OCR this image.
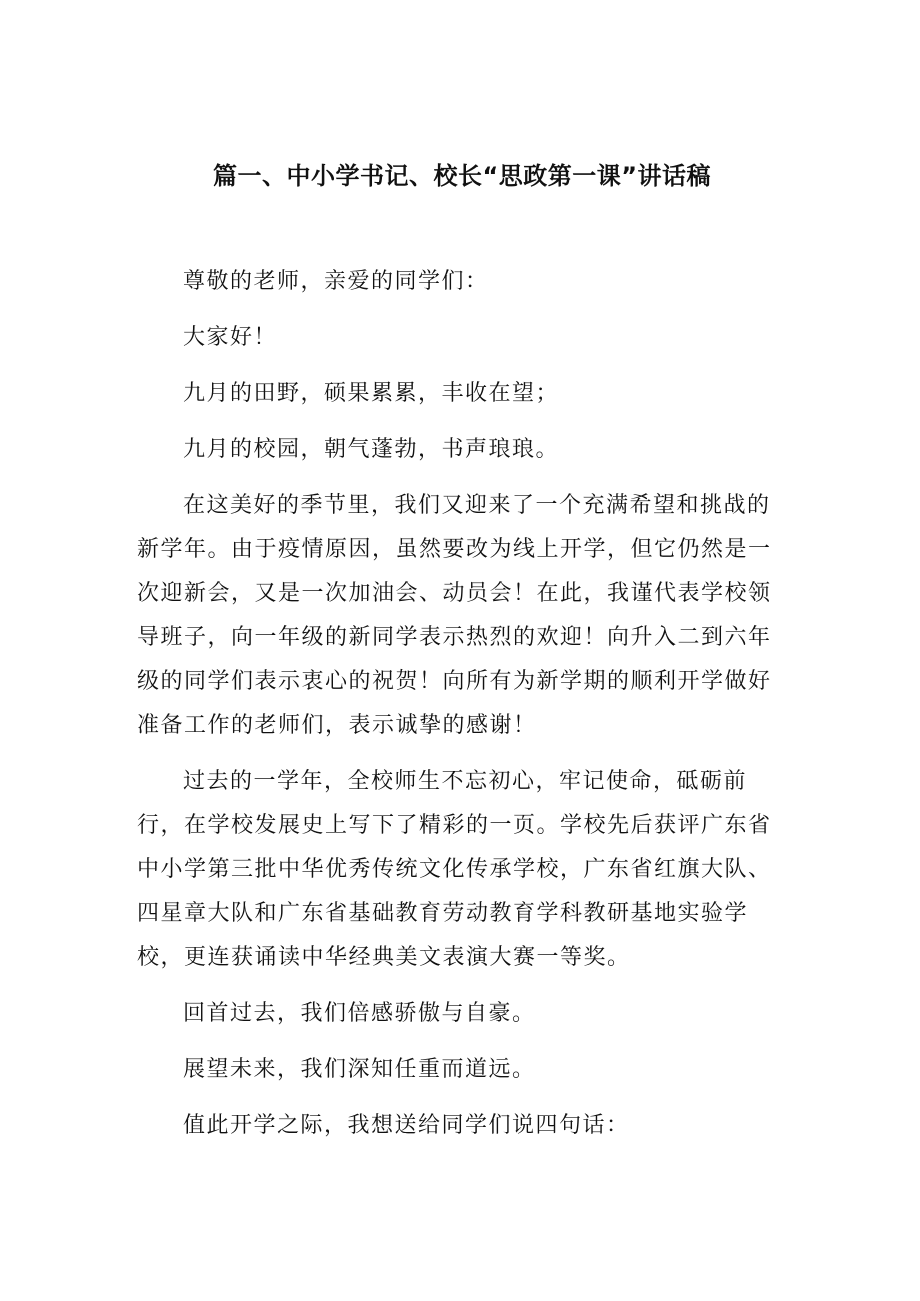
篇一、中小学书记、校长“思政第一课”讲话稿

尊敬的老师，亲爱的同学们：

大家好！

九月的田野，硕果累累，丰收在望；

九月的校园，朝气蓬勃，书声琅琅。

在这美好的季节里，我们又迎来了一个充满希望和挑战的新学年。由于疫情原因，虽然要改为线上开学，但它仍然是一次迎新会，又是一次加油会、动员会！在此，我谨代表学校领导班子，向一年级的新同学表示热烈的欢迎！向升入二到六年级的同学们表示衷心的祝贺！向所有为新学期的顺利开学做好准备工作的老师们，表示诚挚的感谢！

过去的一学年，全校师生不忘初心，牢记使命，砥砺前行，在学校发展史上写下了精彩的一页。学校先后获评广东省中小学第三批中华优秀传统文化传承学校，广东省红旗大队、四星章大队和广东省基础教育劳动教育学科教研基地实验学校，更连获诵读中华经典美文表演大赛一等奖。

回首过去，我们倍感骄傲与自豪。

展望未来，我们深知任重而道远。

值此开学之际，我想送给同学们说四句话：
